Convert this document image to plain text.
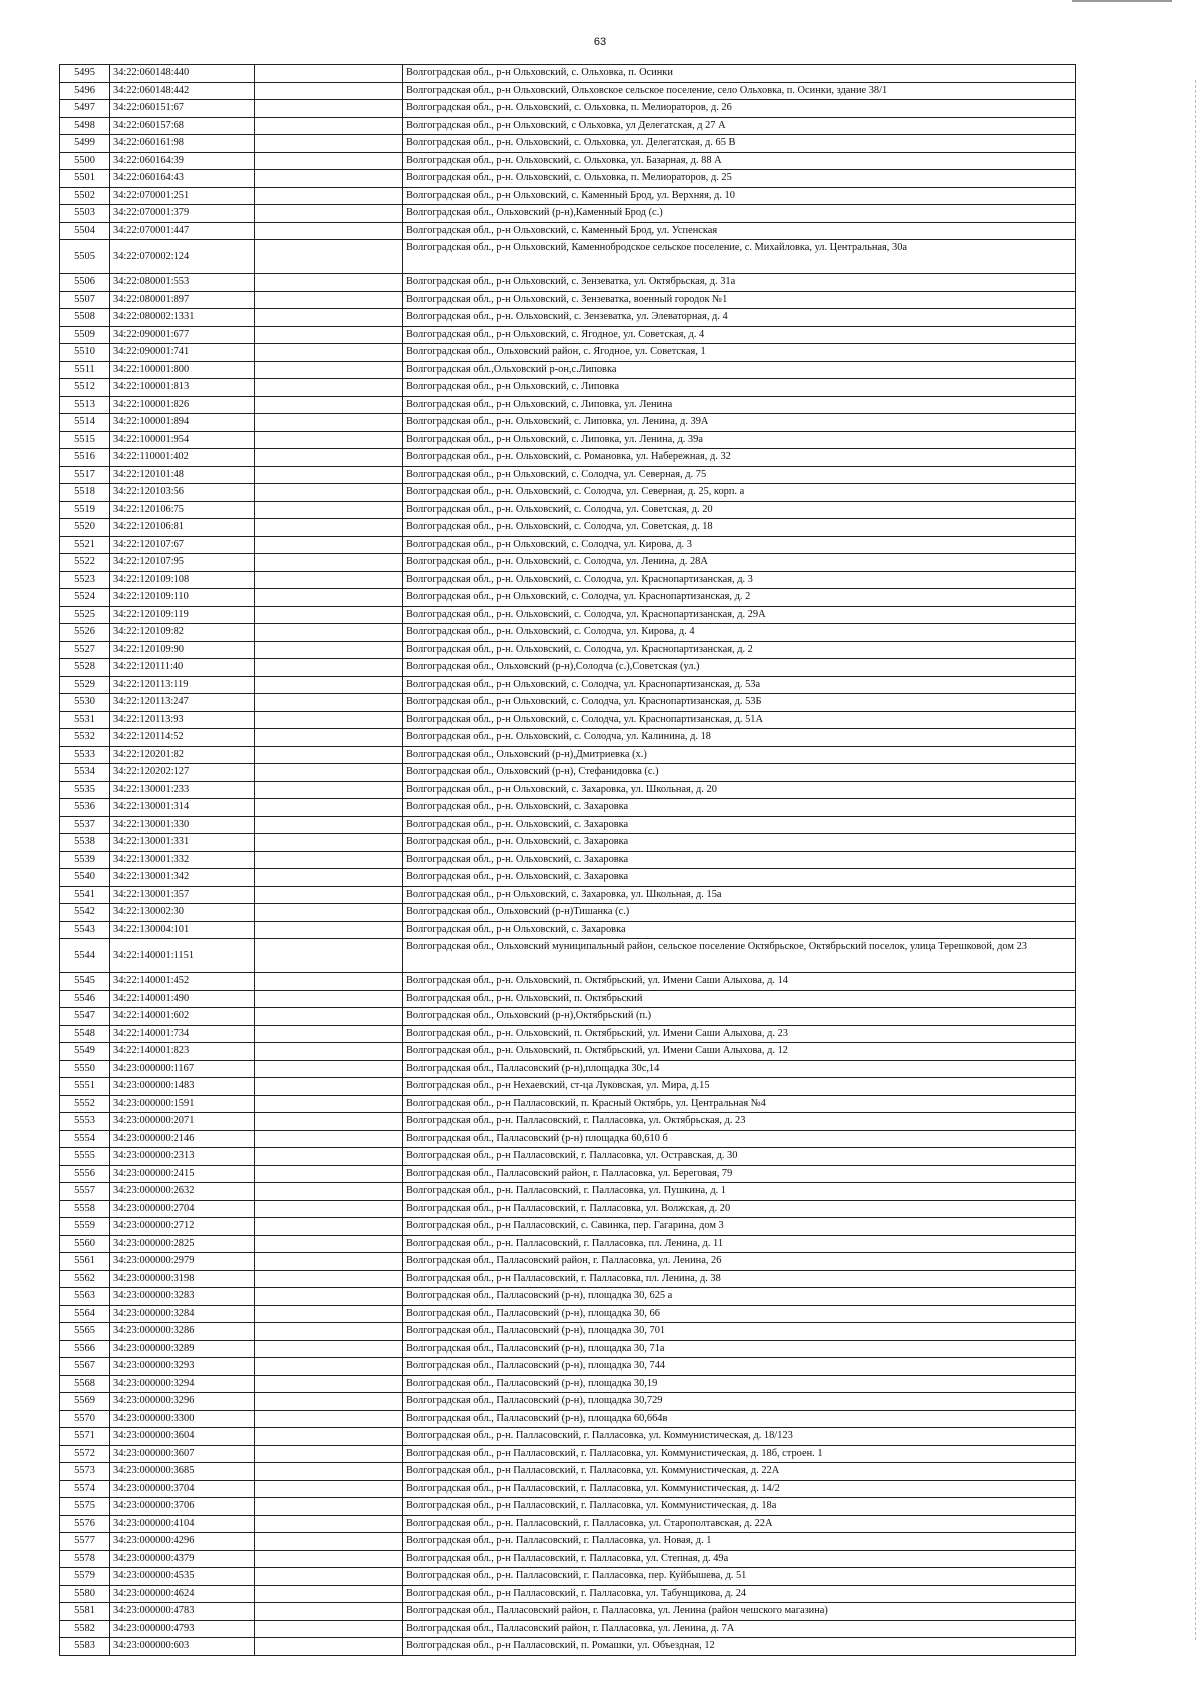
63
5495	34:22:060148:440		Волгоградская обл., р-н Ольховский, с. Ольховка, п. Осинки
5496	34:22:060148:442		Волгоградская обл., р-н Ольховский, Ольховское сельское поселение, село Ольховка, п. Осинки, здание 38/1
5497	34:22:060151:67		Волгоградская обл., р-н. Ольховский, с. Ольховка, п. Мелиораторов, д. 26
5498	34:22:060157:68		Волгоградская обл., р-н Ольховский, с Ольховка, ул Делегатская, д 27 А
5499	34:22:060161:98		Волгоградская обл., р-н. Ольховский, с. Ольховка, ул. Делегатская, д. 65 В
5500	34:22:060164:39		Волгоградская обл., р-н. Ольховский, с. Ольховка, ул. Базарная, д. 88 А
5501	34:22:060164:43		Волгоградская обл., р-н. Ольховский, с. Ольховка, п. Мелиораторов, д. 25
5502	34:22:070001:251		Волгоградская обл., р-н Ольховский, с. Каменный Брод, ул. Верхняя, д. 10
5503	34:22:070001:379		Волгоградская обл., Ольховский (р-н),Каменный Брод (с.)
5504	34:22:070001:447		Волгоградская обл., р-н Ольховский, с. Каменный Брод, ул. Успенская
5505	34:22:070002:124		Волгоградская обл., р-н Ольховский, Каменнобродское сельское поселение, с. Михайловка, ул. Центральная, 30а
5506	34:22:080001:553		Волгоградская обл., р-н Ольховский, с. Зензеватка, ул. Октябрьская, д. 31а
5507	34:22:080001:897		Волгоградская обл., р-н Ольховский, с. Зензеватка, военный городок №1
5508	34:22:080002:1331		Волгоградская обл., р-н. Ольховский, с. Зензеватка, ул. Элеваторная, д. 4
5509	34:22:090001:677		Волгоградская обл., р-н Ольховский, с. Ягодное, ул. Советская, д. 4
5510	34:22:090001:741		Волгоградская обл., Ольховский район, с. Ягодное, ул. Советская, 1
5511	34:22:100001:800		Волгоградская обл.,Ольховский р-он,с.Липовка
5512	34:22:100001:813		Волгоградская обл., р-н Ольховский, с. Липовка
5513	34:22:100001:826		Волгоградская обл., р-н Ольховский, с. Липовка, ул. Ленина
5514	34:22:100001:894		Волгоградская обл., р-н. Ольховский, с. Липовка, ул. Ленина, д. 39А
5515	34:22:100001:954		Волгоградская обл., р-н Ольховский, с. Липовка, ул. Ленина, д. 39а
5516	34:22:110001:402		Волгоградская обл., р-н. Ольховский, с. Романовка, ул. Набережная, д. 32
5517	34:22:120101:48		Волгоградская обл., р-н Ольховский, с. Солодча, ул. Северная, д. 75
5518	34:22:120103:56		Волгоградская обл., р-н. Ольховский, с. Солодча, ул. Северная, д. 25, корп. а
5519	34:22:120106:75		Волгоградская обл., р-н. Ольховский, с. Солодча, ул. Советская, д. 20
5520	34:22:120106:81		Волгоградская обл., р-н. Ольховский, с. Солодча, ул. Советская, д. 18
5521	34:22:120107:67		Волгоградская обл., р-н Ольховский, с. Солодча, ул. Кирова, д. 3
5522	34:22:120107:95		Волгоградская обл., р-н. Ольховский, с. Солодча, ул. Ленина, д. 28А
5523	34:22:120109:108		Волгоградская обл., р-н. Ольховский, с. Солодча, ул. Краснопартизанская, д. 3
5524	34:22:120109:110		Волгоградская обл., р-н Ольховский, с. Солодча, ул. Краснопартизанская, д. 2
5525	34:22:120109:119		Волгоградская обл., р-н. Ольховский, с. Солодча, ул. Краснопартизанская, д. 29А
5526	34:22:120109:82		Волгоградская обл., р-н. Ольховский, с. Солодча, ул. Кирова, д. 4
5527	34:22:120109:90		Волгоградская обл., р-н. Ольховский, с. Солодча, ул. Краснопартизанская, д. 2
5528	34:22:120111:40		Волгоградская обл., Ольховский (р-н),Солодча (с.),Советская (ул.)
5529	34:22:120113:119		Волгоградская обл., р-н Ольховский, с. Солодча, ул. Краснопартизанская, д. 53а
5530	34:22:120113:247		Волгоградская обл., р-н Ольховский, с. Солодча, ул. Краснопартизанская, д. 53Б
5531	34:22:120113:93		Волгоградская обл., р-н Ольховский, с. Солодча, ул. Краснопартизанская, д. 51А
5532	34:22:120114:52		Волгоградская обл., р-н. Ольховский, с. Солодча, ул. Калинина, д. 18
5533	34:22:120201:82		Волгоградская обл., Ольховский (р-н),Дмитриевка (х.)
5534	34:22:120202:127		Волгоградская обл., Ольховский (р-н), Стефанидовка (с.)
5535	34:22:130001:233		Волгоградская обл., р-н Ольховский, с. Захаровка, ул. Школьная, д. 20
5536	34:22:130001:314		Волгоградская обл., р-н. Ольховский, с. Захаровка
5537	34:22:130001:330		Волгоградская обл., р-н. Ольховский, с. Захаровка
5538	34:22:130001:331		Волгоградская обл., р-н. Ольховский, с. Захаровка
5539	34:22:130001:332		Волгоградская обл., р-н. Ольховский, с. Захаровка
5540	34:22:130001:342		Волгоградская обл., р-н. Ольховский, с. Захаровка
5541	34:22:130001:357		Волгоградская обл., р-н Ольховский, с. Захаровка, ул. Школьная, д. 15а
5542	34:22:130002:30		Волгоградская обл., Ольховский (р-н)Тишанка (с.)
5543	34:22:130004:101		Волгоградская обл., р-н Ольховский, с. Захаровка
5544	34:22:140001:1151		Волгоградская обл., Ольховский муниципальный район, сельское поселение Октябрьское, Октябрьский поселок, улица Терешковой, дом 23
5545	34:22:140001:452		Волгоградская обл., р-н. Ольховский, п. Октябрьский, ул. Имени Саши Алыхова, д. 14
5546	34:22:140001:490		Волгоградская обл., р-н. Ольховский, п. Октябрьский
5547	34:22:140001:602		Волгоградская обл., Ольховский (р-н),Октябрьский (п.)
5548	34:22:140001:734		Волгоградская обл., р-н. Ольховский, п. Октябрьский, ул. Имени Саши Алыхова, д. 23
5549	34:22:140001:823		Волгоградская обл., р-н. Ольховский, п. Октябрьский, ул. Имени Саши Алыхова, д. 12
5550	34:23:000000:1167		Волгоградская обл., Палласовский (р-н),площадка 30с,14
5551	34:23:000000:1483		Волгоградская обл., р-н Нехаевский, ст-ца Луковская, ул. Мира, д.15
5552	34:23:000000:1591		Волгоградская обл., р-н Палласовский, п. Красный Октябрь, ул. Центральная №4
5553	34:23:000000:2071		Волгоградская обл., р-н. Палласовский, г. Палласовка, ул. Октябрьская, д. 23
5554	34:23:000000:2146		Волгоградская обл., Палласовский (р-н) площадка 60,610 б
5555	34:23:000000:2313		Волгоградская обл., р-н Палласовский, г. Палласовка, ул. Остравская, д. 30
5556	34:23:000000:2415		Волгоградская обл., Палласовский район, г. Палласовка, ул. Береговая, 79
5557	34:23:000000:2632		Волгоградская обл., р-н. Палласовский, г. Палласовка, ул. Пушкина, д. 1
5558	34:23:000000:2704		Волгоградская обл., р-н Палласовский, г. Палласовка, ул. Волжская, д. 20
5559	34:23:000000:2712		Волгоградская обл., р-н Палласовский, с. Савинка, пер. Гагарина, дом 3
5560	34:23:000000:2825		Волгоградская обл., р-н. Палласовский, г. Палласовка, пл. Ленина, д. 11
5561	34:23:000000:2979		Волгоградская обл., Палласовский район, г. Палласовка, ул. Ленина, 26
5562	34:23:000000:3198		Волгоградская обл., р-н Палласовский, г. Палласовка, пл. Ленина, д. 38
5563	34:23:000000:3283		Волгоградская обл., Палласовский (р-н), площадка 30, 625 а
5564	34:23:000000:3284		Волгоградская обл., Палласовский (р-н), площадка 30, 66
5565	34:23:000000:3286		Волгоградская обл., Палласовский (р-н), площадка 30, 701
5566	34:23:000000:3289		Волгоградская обл., Палласовский (р-н), площадка 30, 71а
5567	34:23:000000:3293		Волгоградская обл., Палласовский (р-н), площадка 30, 744
5568	34:23:000000:3294		Волгоградская обл., Палласовский (р-н), площадка 30,19
5569	34:23:000000:3296		Волгоградская обл., Палласовский (р-н), площадка 30,729
5570	34:23:000000:3300		Волгоградская обл., Палласовский (р-н), площадка 60,664в
5571	34:23:000000:3604		Волгоградская обл., р-н. Палласовский, г. Палласовка, ул. Коммунистическая, д. 18/123
5572	34:23:000000:3607		Волгоградская обл., р-н Палласовский, г. Палласовка, ул. Коммунистическая, д. 18б, строен. 1
5573	34:23:000000:3685		Волгоградская обл., р-н Палласовский, г. Палласовка, ул. Коммунистическая, д. 22А
5574	34:23:000000:3704		Волгоградская обл., р-н Палласовский, г. Палласовка, ул. Коммунистическая, д. 14/2
5575	34:23:000000:3706		Волгоградская обл., р-н Палласовский, г. Палласовка, ул. Коммунистическая, д. 18а
5576	34:23:000000:4104		Волгоградская обл., р-н. Палласовский, г. Палласовка, ул. Старополтавская, д. 22А
5577	34:23:000000:4296		Волгоградская обл., р-н. Палласовский, г. Палласовка, ул. Новая, д. 1
5578	34:23:000000:4379		Волгоградская обл., р-н Палласовский, г. Палласовка, ул. Степная, д. 49а
5579	34:23:000000:4535		Волгоградская обл., р-н. Палласовский, г. Палласовка, пер. Куйбышева, д. 51
5580	34:23:000000:4624		Волгоградская обл., р-н Палласовский, г. Палласовка, ул. Табунщикова, д. 24
5581	34:23:000000:4783		Волгоградская обл., Палласовский район, г. Палласовка, ул. Ленина (район чешского магазина)
5582	34:23:000000:4793		Волгоградская обл., Палласовский район, г. Палласовка, ул. Ленина, д. 7А
5583	34:23:000000:603		Волгоградская обл., р-н Палласовский, п. Ромашки, ул. Объездная, 12
